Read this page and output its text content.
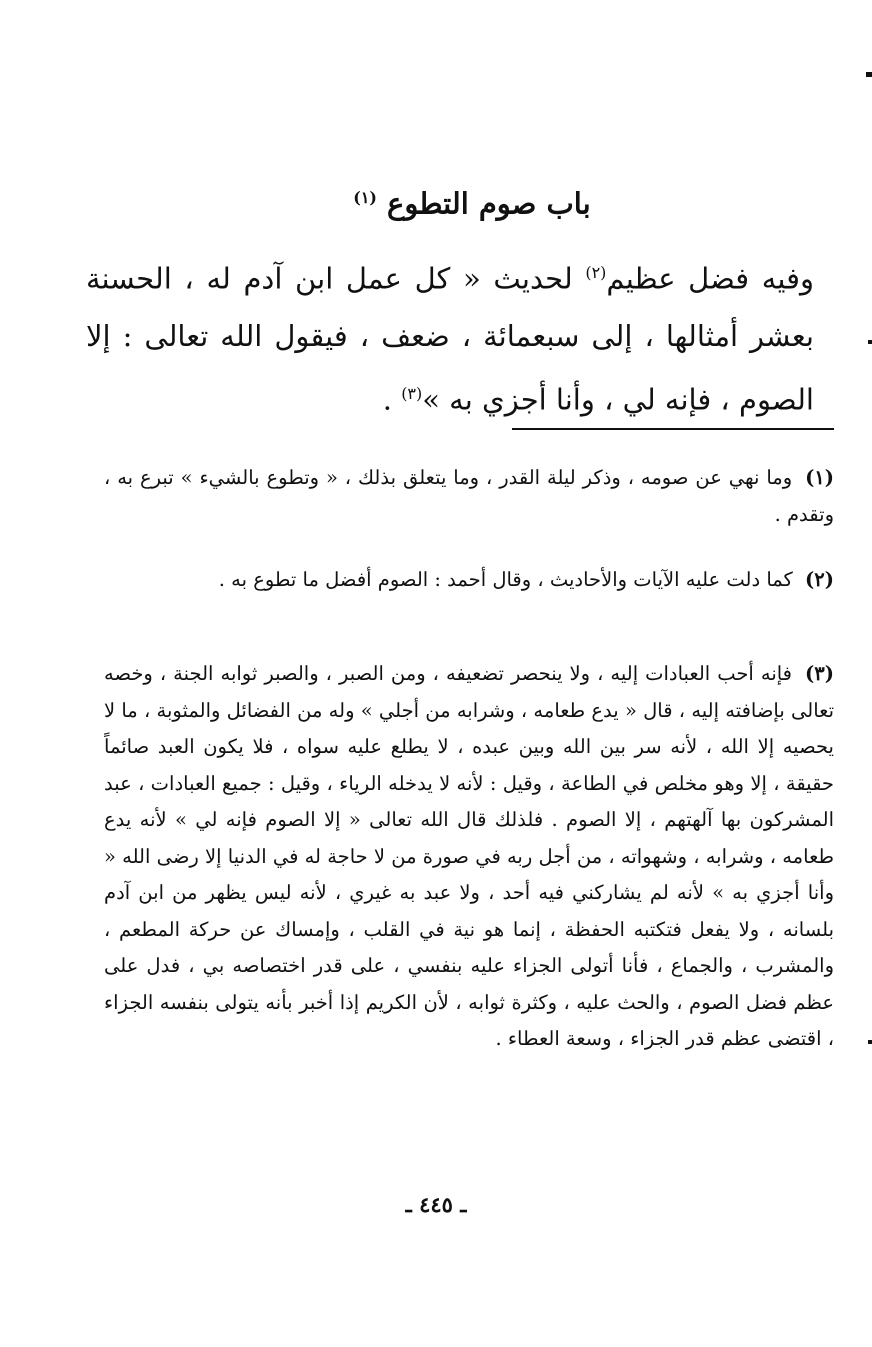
باب صوم التطوع $^{(١)}$

وفيه فضل عظيم$^{(٢)}$ لحديث « كل عمل ابن آدم له ، الحسنة بعشر أمثالها ، إلى سبعمائة ، ضعف ، فيقول الله تعالى : إلا الصوم ، فإنه لي ، وأنا أجزي به »$^{(٣)}$ .

(١) وما نهي عن صومه ، وذكر ليلة القدر ، وما يتعلق بذلك ، « وتطوع بالشيء » تبرع به ، وتقدم .

(٢) كما دلت عليه الآيات والأحاديث ، وقال أحمد : الصوم أفضل ما تطوع به .

(٣) فإنه أحب العبادات إليه ، ولا ينحصر تضعيفه ، ومن الصبر ، والصبر ثوابه الجنة ، وخصه تعالى بإضافته إليه ، قال « يدع طعامه ، وشرابه من أجلي » وله من الفضائل والمثوبة ، ما لا يحصيه إلا الله ، لأنه سر بين الله وبين عبده ، لا يطلع عليه سواه ، فلا يكون العبد صائماً حقيقة ، إلا وهو مخلص في الطاعة ، وقيل : لأنه لا يدخله الرياء ، وقيل : جميع العبادات ، عبد المشركون بها آلهتهم ، إلا الصوم . فلذلك قال الله تعالى « إلا الصوم فإنه لي » لأنه يدع طعامه ، وشرابه ، وشهواته ، من أجل ربه في صورة من لا حاجة له في الدنيا إلا رضى الله « وأنا أجزي به » لأنه لم يشاركني فيه أحد ، ولا عبد به غيري ، لأنه ليس يظهر من ابن آدم بلسانه ، ولا يفعل فتكتبه الحفظة ، إنما هو نية في القلب ، وإمساك عن حركة المطعم ، والمشرب ، والجماع ، فأنا أتولى الجزاء عليه بنفسي ، على قدر اختصاصه بي ، فدل على عظم فضل الصوم ، والحث عليه ، وكثرة ثوابه ، لأن الكريم إذا أخبر بأنه يتولى بنفسه الجزاء ، اقتضى عظم قدر الجزاء ، وسعة العطاء .

ـ ٤٤٥ ـ
